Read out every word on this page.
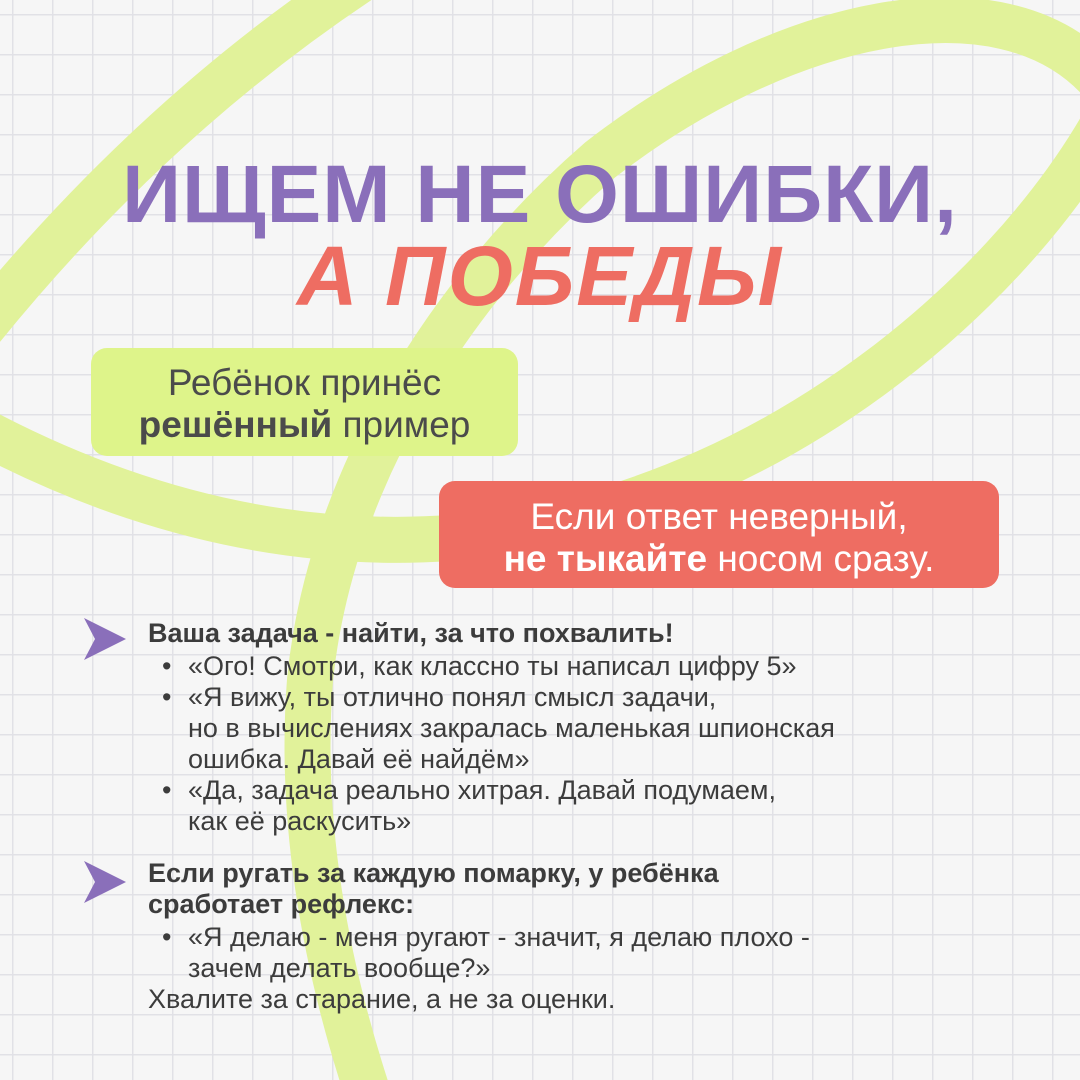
ИЩЕМ НЕ ОШИБКИ,
А ПОБЕДЫ
Ребёнок принёс
решённый пример
Если ответ неверный,
не тыкайте носом сразу.

Ваша задача - найти, за что похвалить!

• «Ого! Смотри, как классно ты написал цифру 5»
• «Я вижу, ты отлично понял смысл задачи,
но в вычислениях закралась маленькая шпионская
ошибка. Давай её найдём»
• «Да, задача реально хитрая. Давай подумаем,
как её раскусить»

Если ругать за каждую помарку, у ребёнка
сработает рефлекс:

• «Я делаю - меня ругают - значит, я делаю плохо -
зачем делать вообще?»

Хвалите за старание, а не за оценки.
